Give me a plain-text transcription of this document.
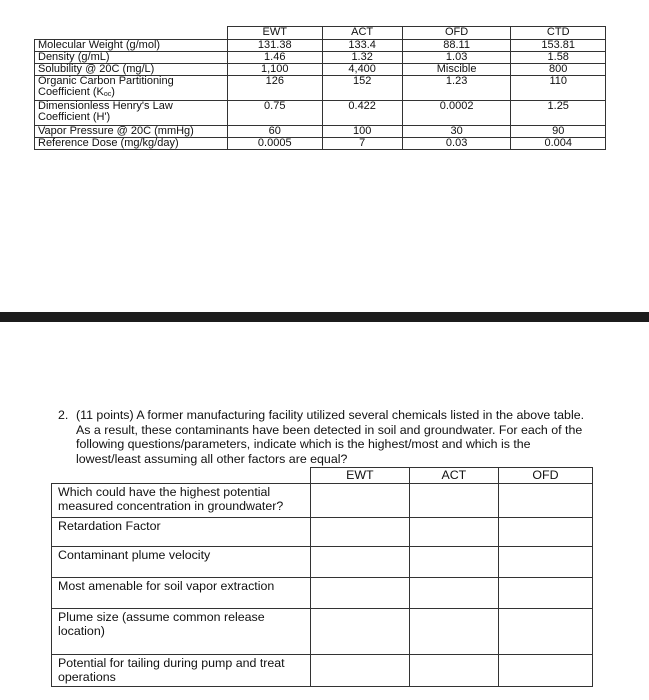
	EWT	ACT	OFD	CTD
Molecular Weight (g/mol)	131.38	133.4	88.11	153.81
Density (g/mL)	1.46	1.32	1.03	1.58
Solubility @ 20C (mg/L)	1,100	4,400	Miscible	800
Organic Carbon Partitioning Coefficient $(K_{oc})$	126	152	1.23	110
Dimensionless Henry's Law Coefficient (H')	0.75	0.422	0.0002	1.25
Vapor Pressure @ 20C (mmHg)	60	100	30	90
Reference Dose (mg/kg/day)	0.0005	7	0.03	0.004
2. (11 points) A former manufacturing facility utilized several chemicals listed in the above table. As a result, these contaminants have been detected in soil and groundwater. For each of the following questions/parameters, indicate which is the highest/most and which is the lowest/least assuming all other factors are equal?
	EWT	ACT	OFD
Which could have the highest potential measured concentration in groundwater?			
Retardation Factor			
Contaminant plume velocity			
Most amenable for soil vapor extraction			
Plume size (assume common release location)			
Potential for tailing during pump and treat operations			
